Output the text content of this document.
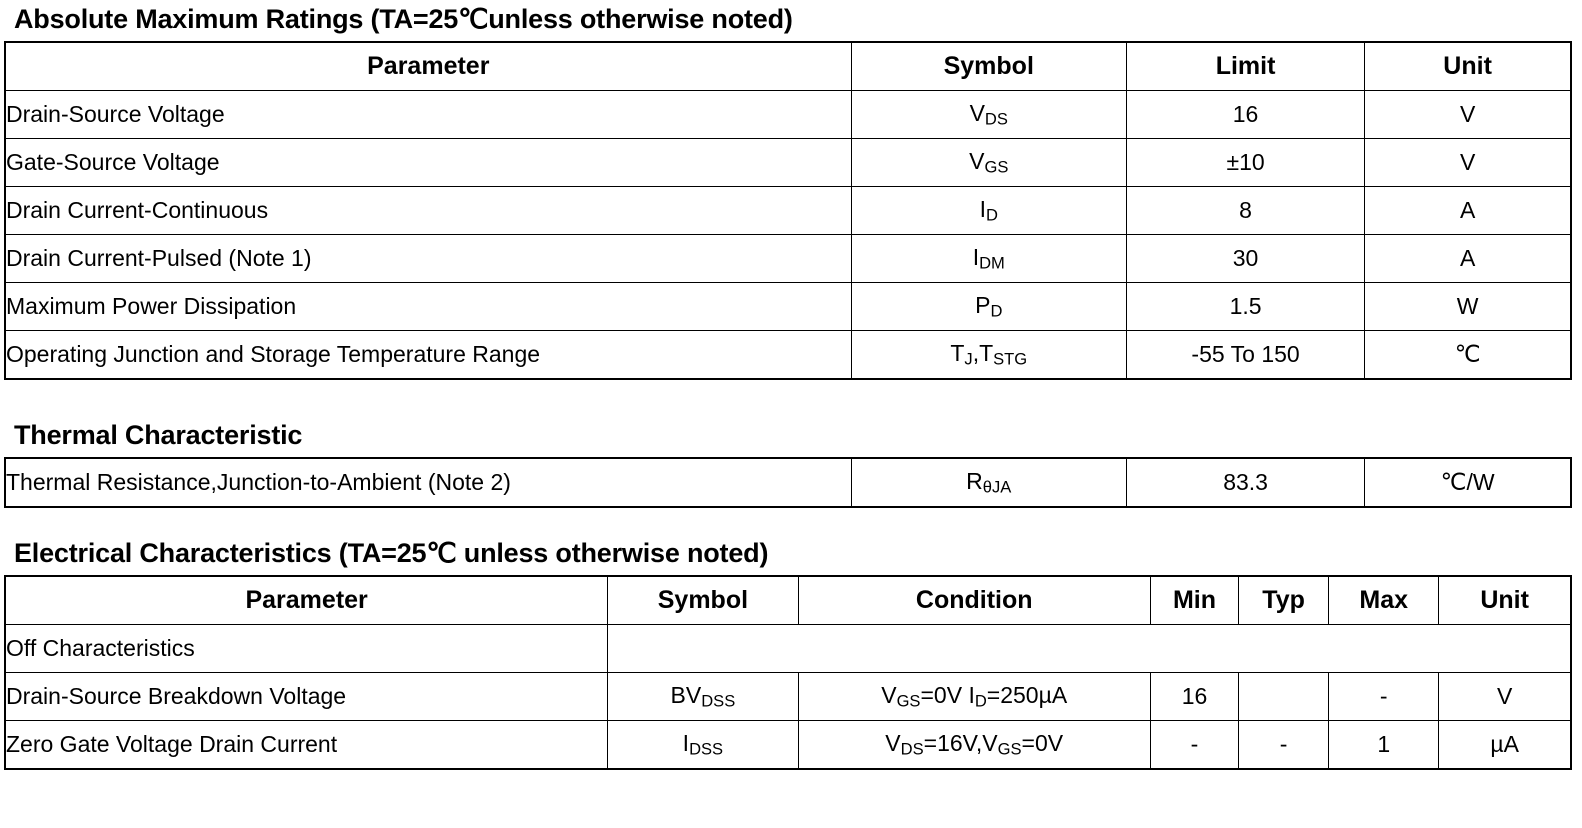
Absolute Maximum Ratings (TA=25℃unless otherwise noted)
Parameter	Symbol	Limit	Unit
Drain-Source Voltage	$V_{DS}$	16	V
Gate-Source Voltage	$V_{GS}$	±10	V
Drain Current-Continuous	$I_D$	8	A
Drain Current-Pulsed (Note 1)	$I_{DM}$	30	A
Maximum Power Dissipation	$P_D$	1.5	W
Operating Junction and Storage Temperature Range	$T_J,T_{STG}$	-55 To 150	℃
Thermal Characteristic
Thermal Resistance,Junction-to-Ambient (Note 2)	$R_{\theta JA}$	83.3	℃/W
Electrical Characteristics (TA=25℃ unless otherwise noted)
Parameter	Symbol	Condition	Min	Typ	Max	Unit
Off Characteristics						
Drain-Source Breakdown Voltage	$BV_{DSS}$	$V_{GS}=0V$ $I_D=250\mu A$	16		-	V
Zero Gate Voltage Drain Current	$I_{DSS}$	$V_{DS}=16V,V_{GS}=0V$	-	-	1	µA
